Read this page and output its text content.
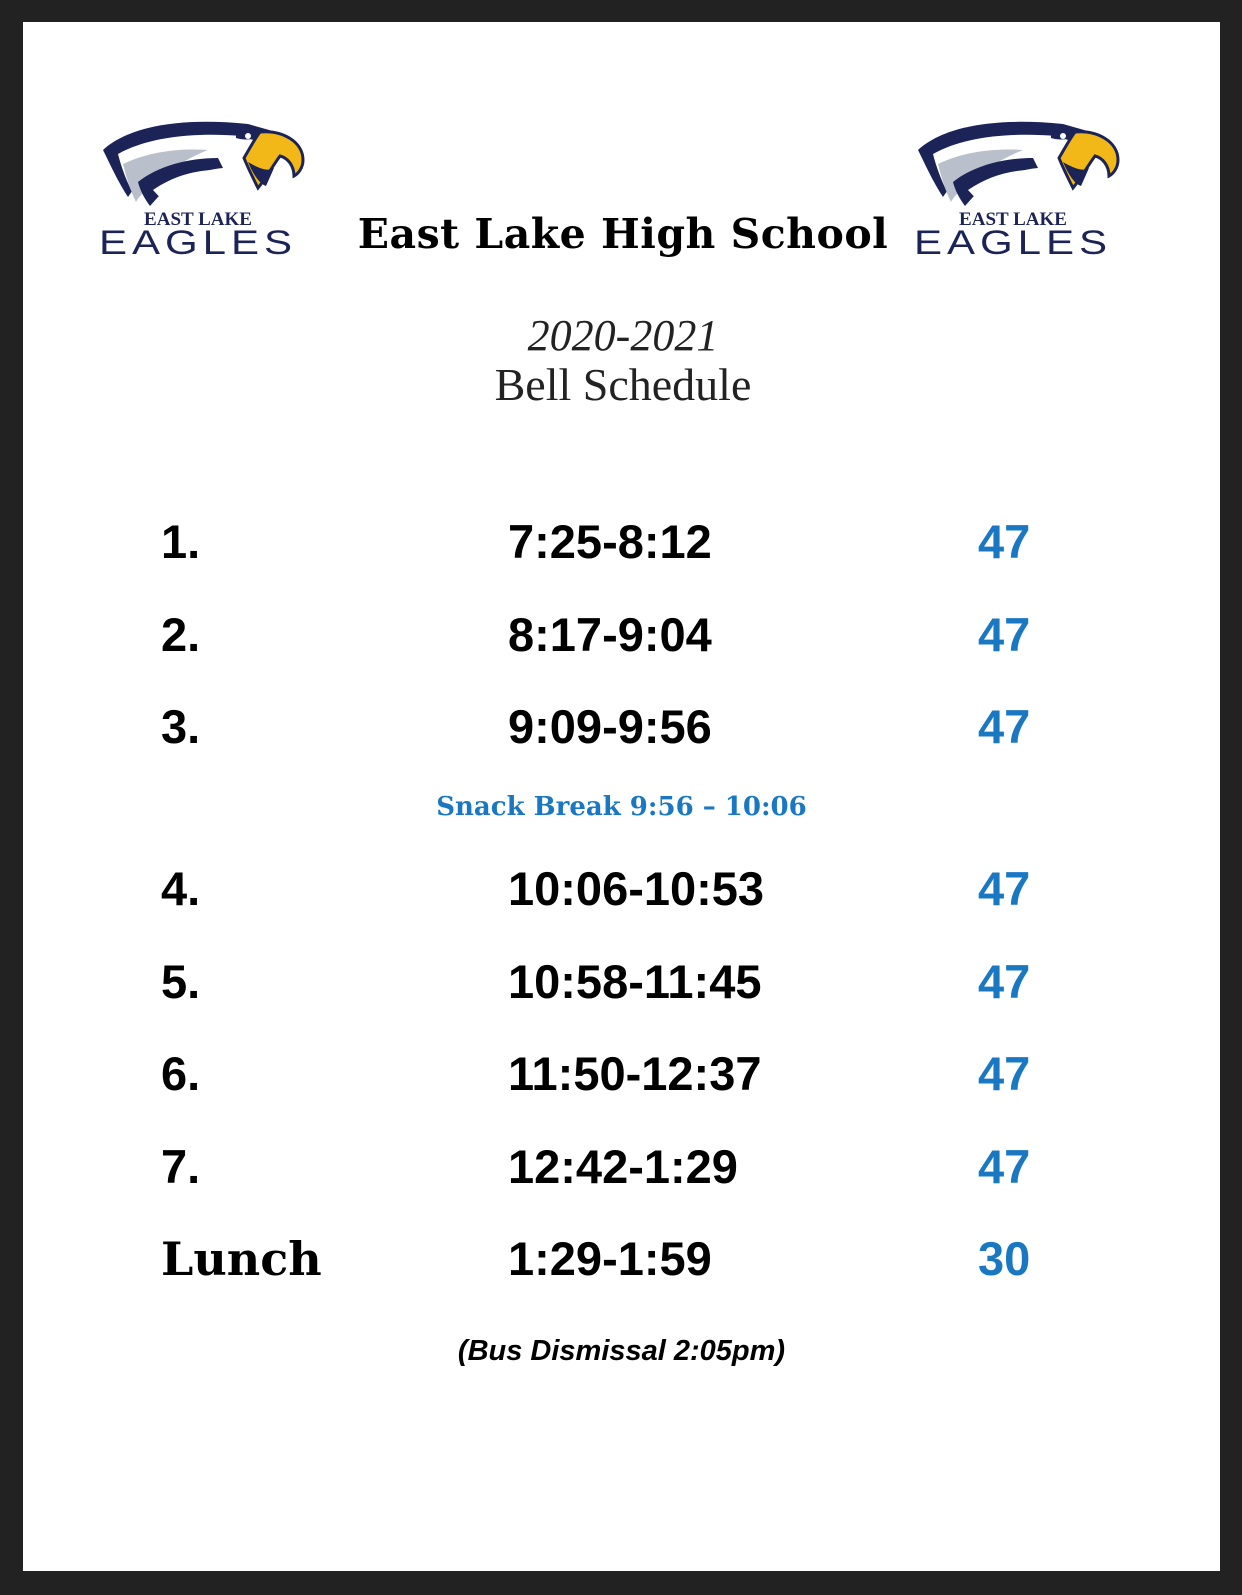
EAST LAKE
EAGLES
EAST LAKE
EAGLES
East Lake High School
2020-2021
Bell Schedule
1.	7:25-8:12	47
2.	8:17-9:04	47
3.	9:09-9:56	47
Snack Break 9:56 – 10:06
4.	10:06-10:53	47
5.	10:58-11:45	47
6.	11:50-12:37	47
7.	12:42-1:29	47
Lunch	1:29-1:59	30
(Bus Dismissal 2:05pm)
